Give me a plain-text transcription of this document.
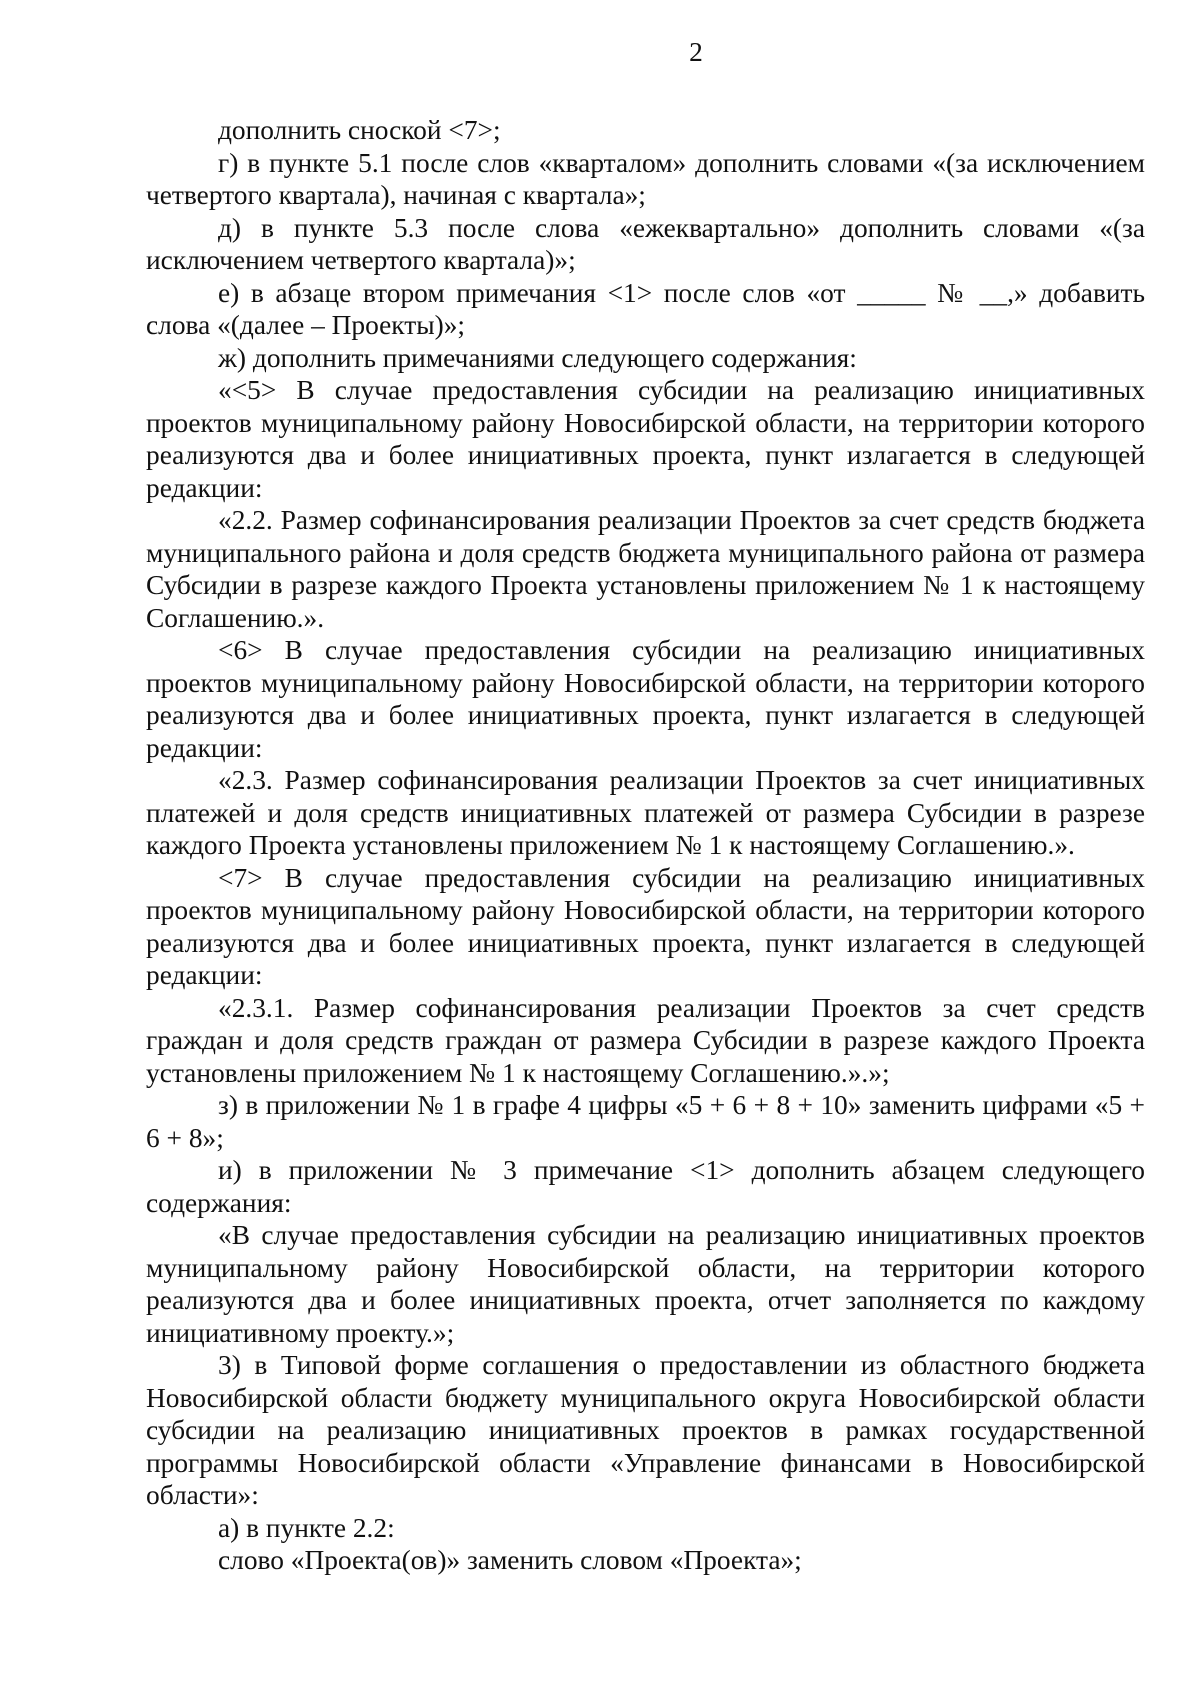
2

дополнить сноской <7>;

г) в пункте 5.1 после слов «кварталом» дополнить словами «(за исключением четвертого квартала), начиная с квартала»;

д) в пункте 5.3 после слова «ежеквартально» дополнить словами «(за исключением четвертого квартала)»;

е) в абзаце втором примечания <1> после слов «от _____ № __,» добавить слова «(далее – Проекты)»;

ж) дополнить примечаниями следующего содержания:

«<5> В случае предоставления субсидии на реализацию инициативных проектов муниципальному району Новосибирской области, на территории которого реализуются два и более инициативных проекта, пункт излагается в следующей редакции:

«2.2. Размер софинансирования реализации Проектов за счет средств бюджета муниципального района и доля средств бюджета муниципального района от размера Субсидии в разрезе каждого Проекта установлены приложением № 1 к настоящему Соглашению.».

<6> В случае предоставления субсидии на реализацию инициативных проектов муниципальному району Новосибирской области, на территории которого реализуются два и более инициативных проекта, пункт излагается в следующей редакции:

«2.3. Размер софинансирования реализации Проектов за счет инициативных платежей и доля средств инициативных платежей от размера Субсидии в разрезе каждого Проекта установлены приложением № 1 к настоящему Соглашению.».

<7> В случае предоставления субсидии на реализацию инициативных проектов муниципальному району Новосибирской области, на территории которого реализуются два и более инициативных проекта, пункт излагается в следующей редакции:

«2.3.1. Размер софинансирования реализации Проектов за счет средств граждан и доля средств граждан от размера Субсидии в разрезе каждого Проекта установлены приложением № 1 к настоящему Соглашению.».»;

з) в приложении № 1 в графе 4 цифры «5 + 6 + 8 + 10» заменить цифрами «5 + 6 + 8»;

и) в приложении № 3 примечание <1> дополнить абзацем следующего содержания:

«В случае предоставления субсидии на реализацию инициативных проектов муниципальному району Новосибирской области, на территории которого реализуются два и более инициативных проекта, отчет заполняется по каждому инициативному проекту.»;

3) в Типовой форме соглашения о предоставлении из областного бюджета Новосибирской области бюджету муниципального округа Новосибирской области субсидии на реализацию инициативных проектов в рамках государственной программы Новосибирской области «Управление финансами в Новосибирской области»:

а) в пункте 2.2:

слово «Проекта(ов)» заменить словом «Проекта»;
